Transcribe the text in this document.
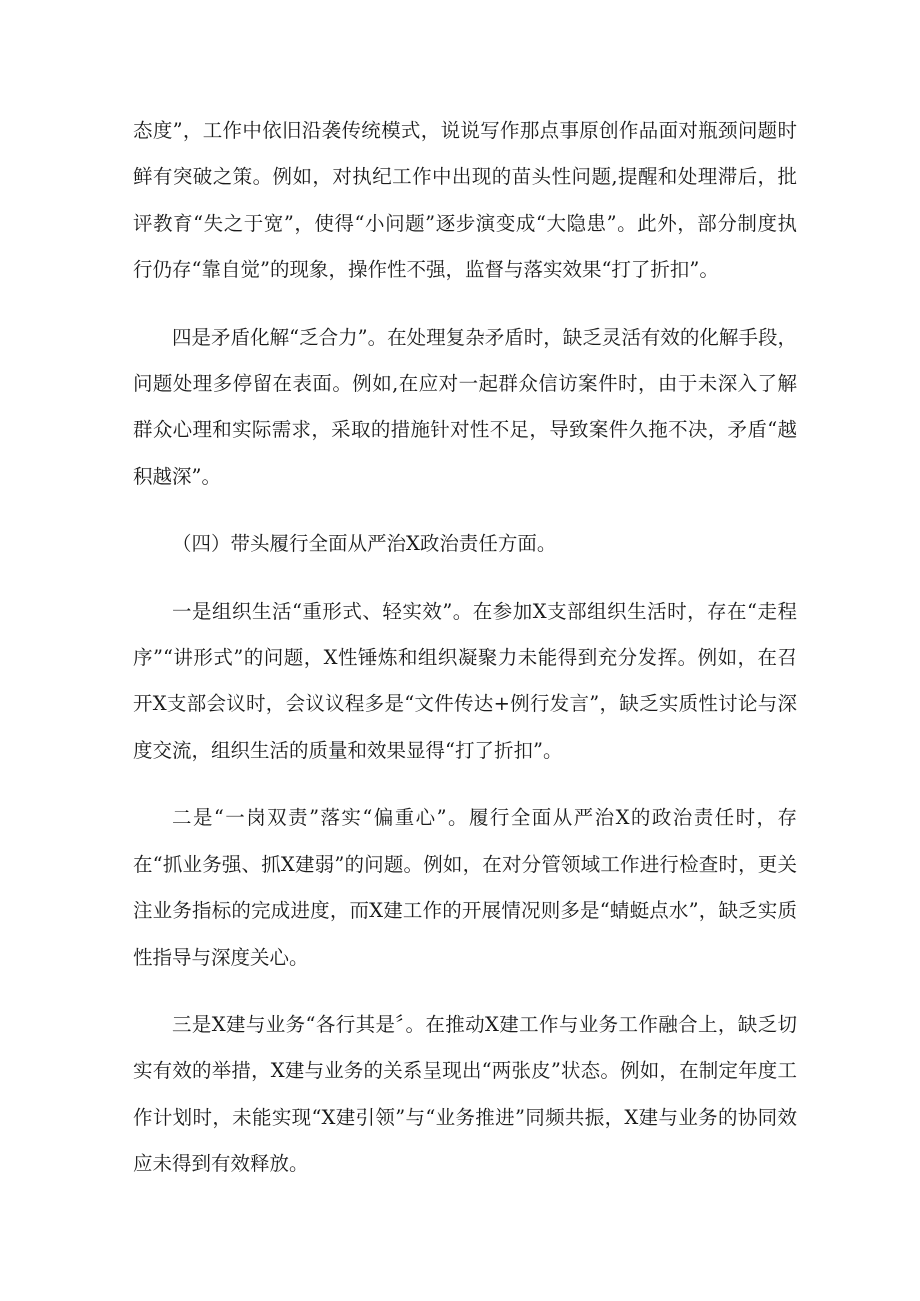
态度”，工作中依旧沿袭传统模式，说说写作那点事原创作品面对瓶颈问题时鲜有突破之策。例如，对执纪工作中出现的苗头性问题,提醒和处理滞后，批评教育“失之于宽”，使得“小问题”逐步演变成“大隐患”。此外，部分制度执行仍存“靠自觉”的现象，操作性不强，监督与落实效果“打了折扣”。

四是矛盾化解“乏合力”。在处理复杂矛盾时，缺乏灵活有效的化解手段，问题处理多停留在表面。例如,在应对一起群众信访案件时，由于未深入了解群众心理和实际需求，采取的措施针对性不足，导致案件久拖不决，矛盾“越积越深”。

（四）带头履行全面从严治X政治责任方面。

一是组织生活“重形式、轻实效”。在参加X支部组织生活时，存在“走程序”“讲形式”的问题，X性锤炼和组织凝聚力未能得到充分发挥。例如，在召开X支部会议时，会议议程多是“文件传达+例行发言”，缺乏实质性讨论与深度交流，组织生活的质量和效果显得“打了折扣”。

二是“一岗双责”落实“偏重心”。履行全面从严治X的政治责任时，存在“抓业务强、抓X建弱”的问题。例如，在对分管领域工作进行检查时，更关注业务指标的完成进度，而X建工作的开展情况则多是“蜻蜓点水”，缺乏实质性指导与深度关心。

三是X建与业务“各行其是〞。在推动X建工作与业务工作融合上，缺乏切实有效的举措，X建与业务的关系呈现出“两张皮”状态。例如，在制定年度工作计划时，未能实现“X建引领”与“业务推进”同频共振，X建与业务的协同效应未得到有效释放。
